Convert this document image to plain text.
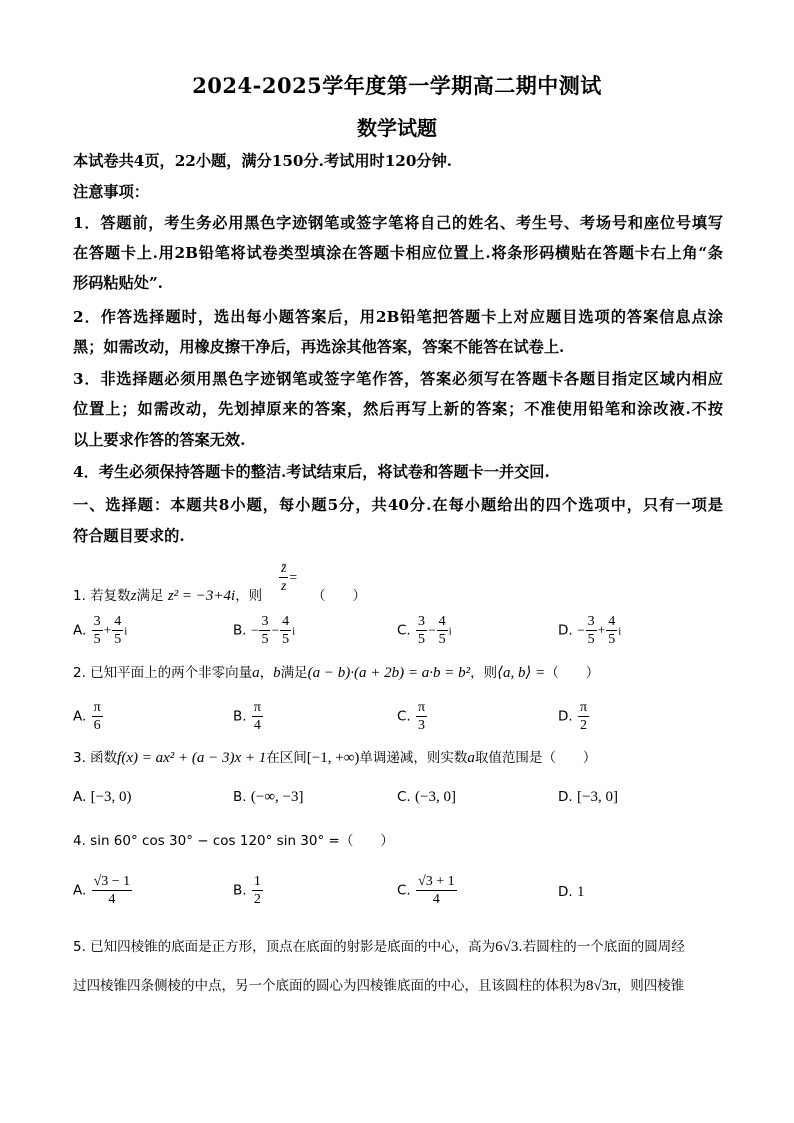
2024-2025学年度第一学期高二期中测试
数学试题
本试卷共4页，22小题，满分150分.考试用时120分钟.
注意事项：
1．答题前，考生务必用黑色字迹钢笔或签字笔将自己的姓名、考生号、考场号和座位号填写
在答题卡上.用2B铅笔将试卷类型填涂在答题卡相应位置上.将条形码横贴在答题卡右上角“条
形码粘贴处”.
2．作答选择题时，选出每小题答案后，用2B铅笔把答题卡上对应题目选项的答案信息点涂
黑；如需改动，用橡皮擦干净后，再选涂其他答案，答案不能答在试卷上.
3．非选择题必须用黑色字迹钢笔或签字笔作答，答案必须写在答题卡各题目指定区域内相应
位置上；如需改动，先划掉原来的答案，然后再写上新的答案；不准使用铅笔和涂改液.不按
以上要求作答的答案无效.
4．考生必须保持答题卡的整洁.考试结束后，将试卷和答题卡一并交回.
一、选择题：本题共8小题，每小题5分，共40分.在每小题给出的四个选项中，只有一项是
符合题目要求的.
1. 若复数z满足 z² = −3+4i，则
$\frac{z̄}{z}$ =
（　　）
A. $\frac{3}{5} + \frac{4}{5}$ i	B. − $\frac{3}{5} - \frac{4}{5}$ i	C. $\frac{3}{5} - \frac{4}{5}$ i	D. − $\frac{3}{5} + \frac{4}{5}$ i
2. 已知平面上的两个非零向量a，b满足(a − b)·(a + 2b) = a·b = b²，则⟨a, b⟩ =（　　）
A. $\frac{\pi}{6}$	B. $\frac{\pi}{4}$	C. $\frac{\pi}{3}$	D. $\frac{\pi}{2}$
3. 函数f(x) = ax² + (a − 3)x + 1在区间[−1, +∞)单调递减，则实数a取值范围是（　　）
A. [−3, 0)	B. (−∞, −3]	C. (−3, 0]	D. [−3, 0]
4. sin 60° cos 30° − cos 120° sin 30° =（　　）
A. $\frac{√3 - 1}{4}$	B. $\frac{1}{2}$	C. $\frac{√3 + 1}{4}$	D. 1
5. 已知四棱锥的底面是正方形，顶点在底面的射影是底面的中心，高为6√3.若圆柱的一个底面的圆周经
过四棱锥四条侧棱的中点，另一个底面的圆心为四棱锥底面的中心，且该圆柱的体积为8√3π，则四棱锥
